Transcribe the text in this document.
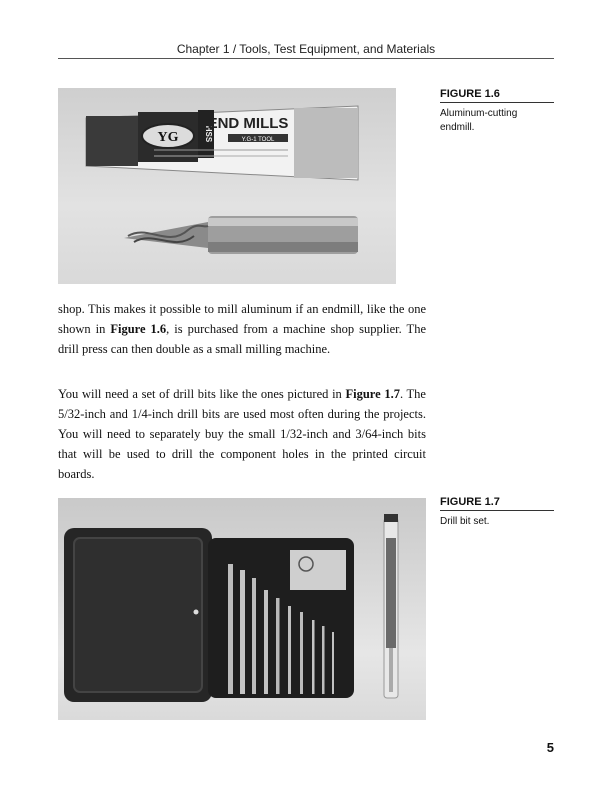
Chapter 1 / Tools, Test Equipment, and Materials
YG	HSS
END MILLS
Y.G-1 TOOL
FIGURE 1.6
Aluminum-cutting endmill.

shop. This makes it possible to mill aluminum if an endmill, like the one shown in Figure 1.6, is purchased from a machine shop supplier. The drill press can then double as a small milling machine.

You will need a set of drill bits like the ones pictured in Figure 1.7. The 5/32-inch and 1/4-inch drill bits are used most often during the projects. You will need to separately buy the small 1/32-inch and 3/64-inch bits that will be used to drill the component holes in the printed circuit boards.

FIGURE 1.7
Drill bit set.
5
